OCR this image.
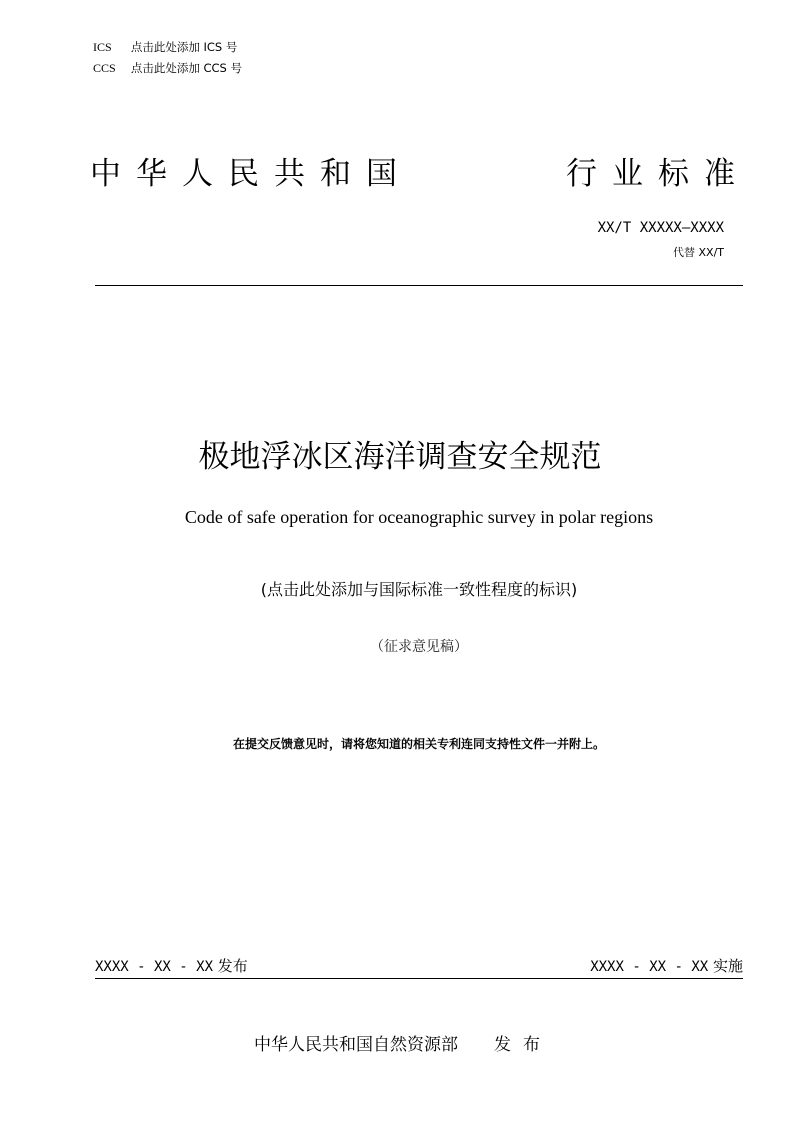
ICS 点击此处添加 ICS 号
CCS 点击此处添加 CCS 号
中华人民共和国	行业标准
XX/T XXXXX—XXXX
代替 XX/T
极地浮冰区海洋调查安全规范
Code of safe operation for oceanographic survey in polar regions
(点击此处添加与国际标准一致性程度的标识)
（征求意见稿）
在提交反馈意见时，请将您知道的相关专利连同支持性文件一并附上。
XXXX - XX - XX 发布	XXXX - XX - XX 实施
中华人民共和国自然资源部 发布
